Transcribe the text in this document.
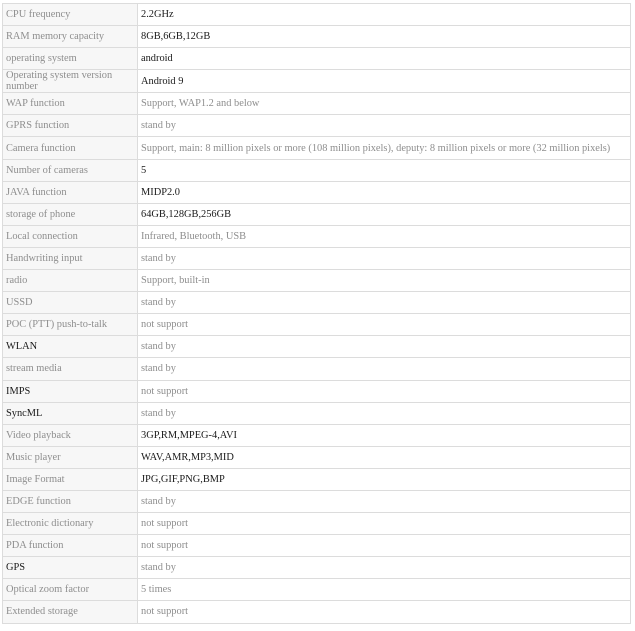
CPU frequency	2.2GHz
RAM memory capacity	8GB,6GB,12GB
operating system	android
Operating system version number	Android 9
WAP function	Support, WAP1.2 and below
GPRS function	stand by
Camera function	Support, main: 8 million pixels or more (108 million pixels), deputy: 8 million pixels or more (32 million pixels)
Number of cameras	5
JAVA function	MIDP2.0
storage of phone	64GB,128GB,256GB
Local connection	Infrared, Bluetooth, USB
Handwriting input	stand by
radio	Support, built-in
USSD	stand by
POC (PTT) push-to-talk	not support
WLAN	stand by
stream media	stand by
IMPS	not support
SyncML	stand by
Video playback	3GP,RM,MPEG-4,AVI
Music player	WAV,AMR,MP3,MID
Image Format	JPG,GIF,PNG,BMP
EDGE function	stand by
Electronic dictionary	not support
PDA function	not support
GPS	stand by
Optical zoom factor	5 times
Extended storage	not support
